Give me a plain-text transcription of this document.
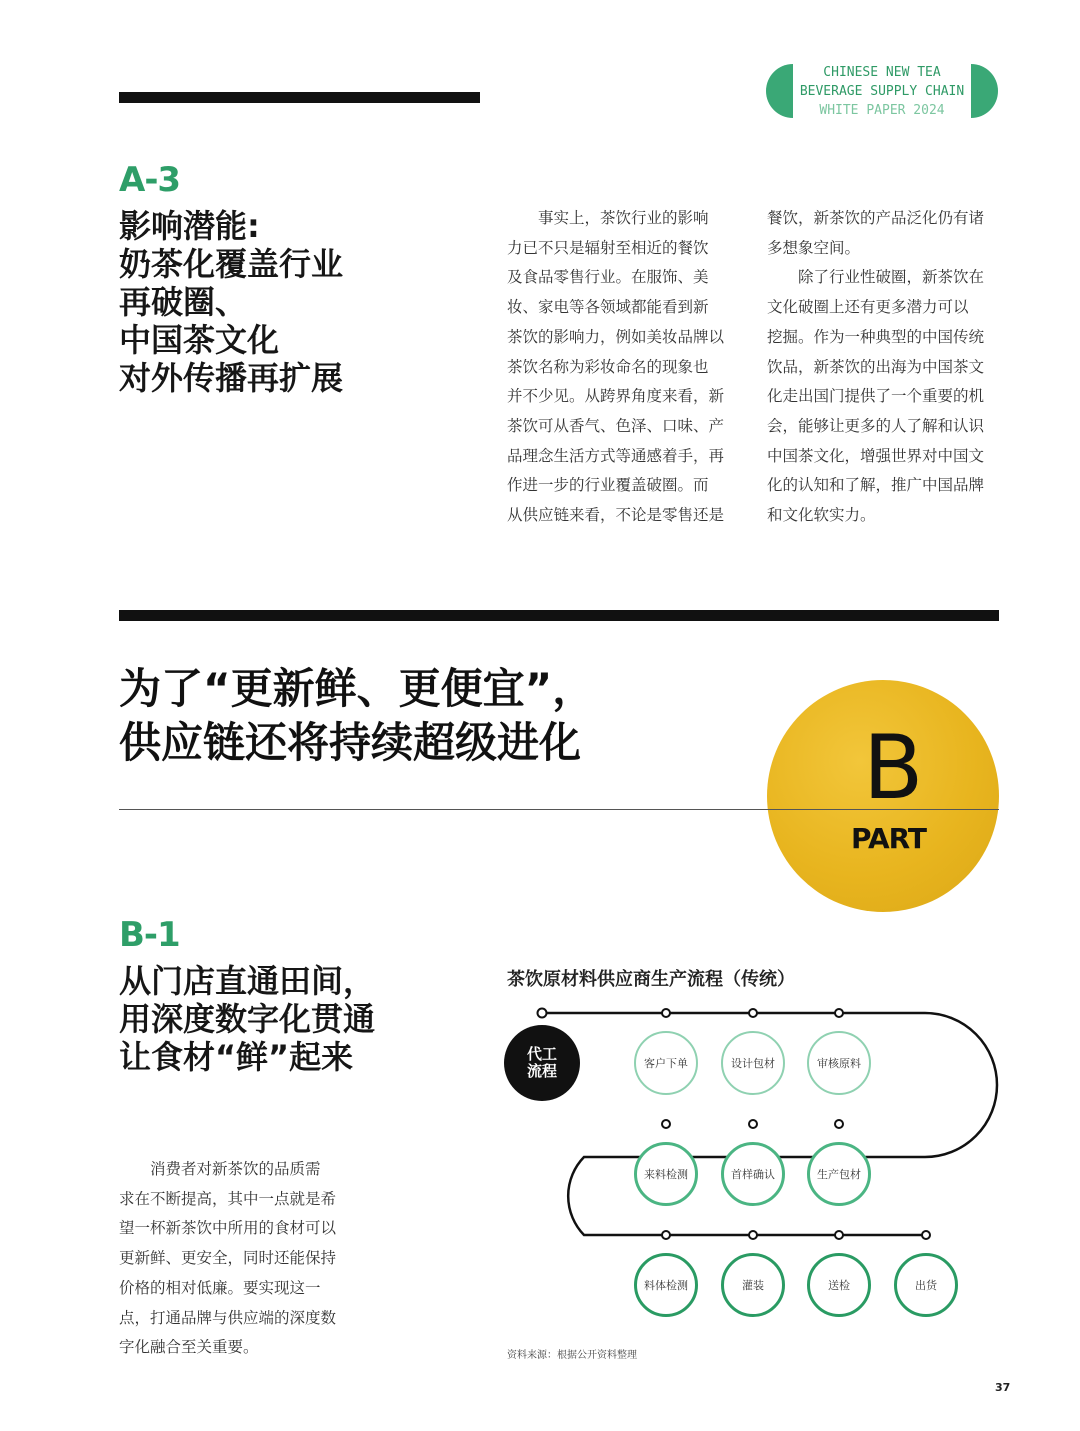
CHINESE NEW TEA
BEVERAGE SUPPLY CHAIN
WHITE PAPER 2024
A-3
影响潜能:
奶茶化覆盖行业
再破圈、
中国茶文化
对外传播再扩展
事实上，茶饮行业的影响
力已不只是辐射至相近的餐饮
及食品零售行业。在服饰、美
妆、家电等各领域都能看到新
茶饮的影响力，例如美妆品牌以
茶饮名称为彩妆命名的现象也
并不少见。从跨界角度来看，新
茶饮可从香气、色泽、口味、产
品理念生活方式等通感着手，再
作进一步的行业覆盖破圈。而
从供应链来看，不论是零售还是
餐饮，新茶饮的产品泛化仍有诸
多想象空间。
除了行业性破圈，新茶饮在
文化破圈上还有更多潜力可以
挖掘。作为一种典型的中国传统
饮品，新茶饮的出海为中国茶文
化走出国门提供了一个重要的机
会，能够让更多的人了解和认识
中国茶文化，增强世界对中国文
化的认知和了解，推广中国品牌
和文化软实力。
为了“更新鲜、更便宜”，
供应链还将持续超级进化	B
PART
B-1
从门店直通田间，
用深度数字化贯通
让食材“鲜”起来
消费者对新茶饮的品质需
求在不断提高，其中一点就是希
望一杯新茶饮中所用的食材可以
更新鲜、更安全，同时还能保持
价格的相对低廉。要实现这一
点，打通品牌与供应端的深度数
字化融合至关重要。
茶饮原材料供应商生产流程（传统）
代工
流程	客户下单	设计包材	审核原料
来料检测	首样确认	生产包材
料体检测	灌装	送检	出货
资料来源：根据公开资料整理
37
